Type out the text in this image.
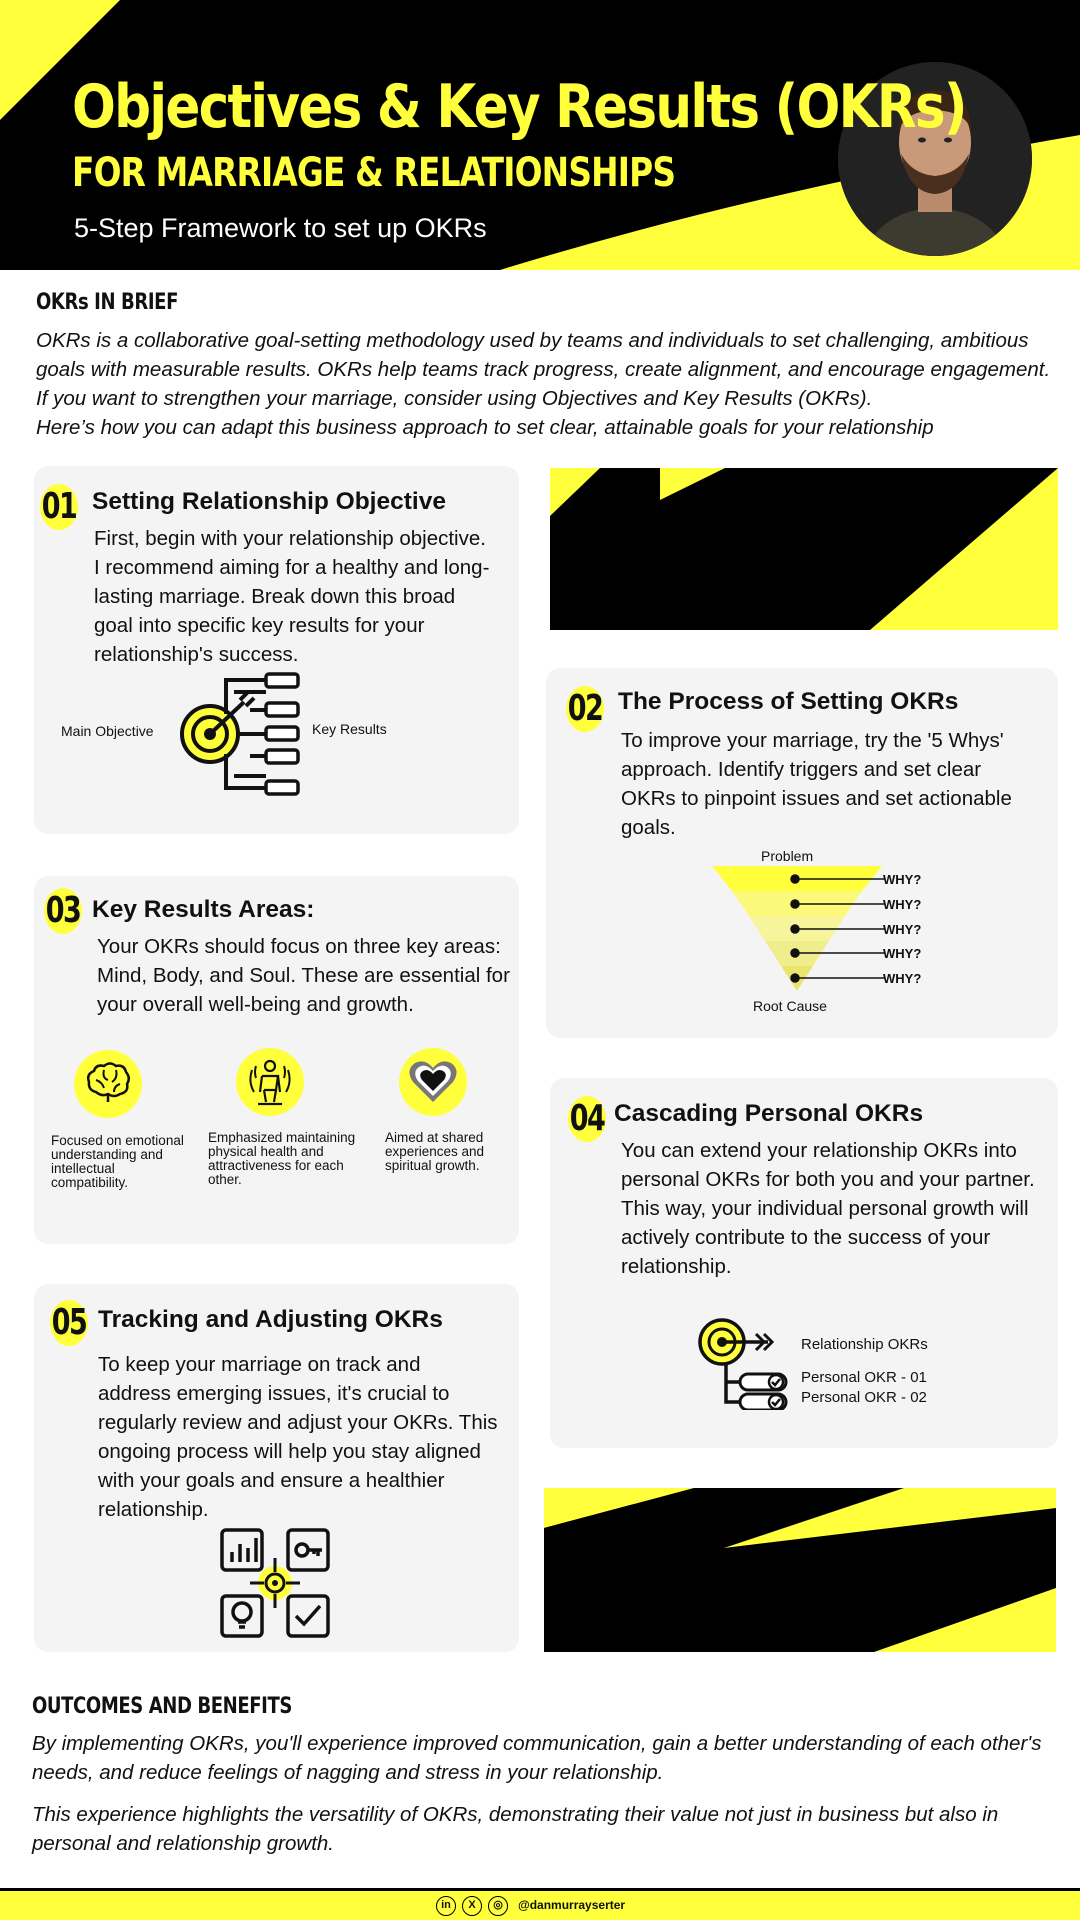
Objectives & Key Results (OKRs)
FOR MARRIAGE & RELATIONSHIPS
5-Step Framework to set up OKRs
OKRs IN BRIEF

OKRs is a collaborative goal-setting methodology used by teams and individuals to set challenging, ambitious

goals with measurable results. OKRs help teams track progress, create alignment, and encourage engagement.

If you want to strengthen your marriage, consider using Objectives and Key Results (OKRs).

Here’s how you can adapt this business approach to set clear, attainable goals for your relationship

01 Setting Relationship Objective

First, begin with your relationship objective.

I recommend aiming for a healthy and long-

lasting marriage. Break down this broad

goal into specific key results for your

relationship's success.

Main Objective	Key Results	02 The Process of Setting OKRs

To improve your marriage, try the '5 Whys'

approach. Identify triggers and set clear

OKRs to pinpoint issues and set actionable

goals.

Problem
WHY?
WHY?
WHY?
WHY?
WHY?
Root Cause
03 Key Results Areas:

Your OKRs should focus on three key areas:

Mind, Body, and Soul. These are essential for

your overall well-being and growth.

Focused on emotional

understanding and

intellectual

compatibility.

Emphasized maintaining

physical health and

attractiveness for each

other.

Aimed at shared

experiences and

spiritual growth.

04 Cascading Personal OKRs

You can extend your relationship OKRs into

personal OKRs for both you and your partner.

This way, your individual personal growth will

actively contribute to the success of your

relationship.

Relationship OKRs
Personal OKR - 01
Personal OKR - 02
05 Tracking and Adjusting OKRs

To keep your marriage on track and

address emerging issues, it's crucial to

regularly review and adjust your OKRs. This

ongoing process will help you stay aligned

with your goals and ensure a healthier

relationship.

OUTCOMES AND BENEFITS

By implementing OKRs, you'll experience improved communication, gain a better understanding of each other's

needs, and reduce feelings of nagging and stress in your relationship.

This experience highlights the versatility of OKRs, demonstrating their value not just in business but also in

personal and relationship growth.

in	X	◎	@danmurrayserter
